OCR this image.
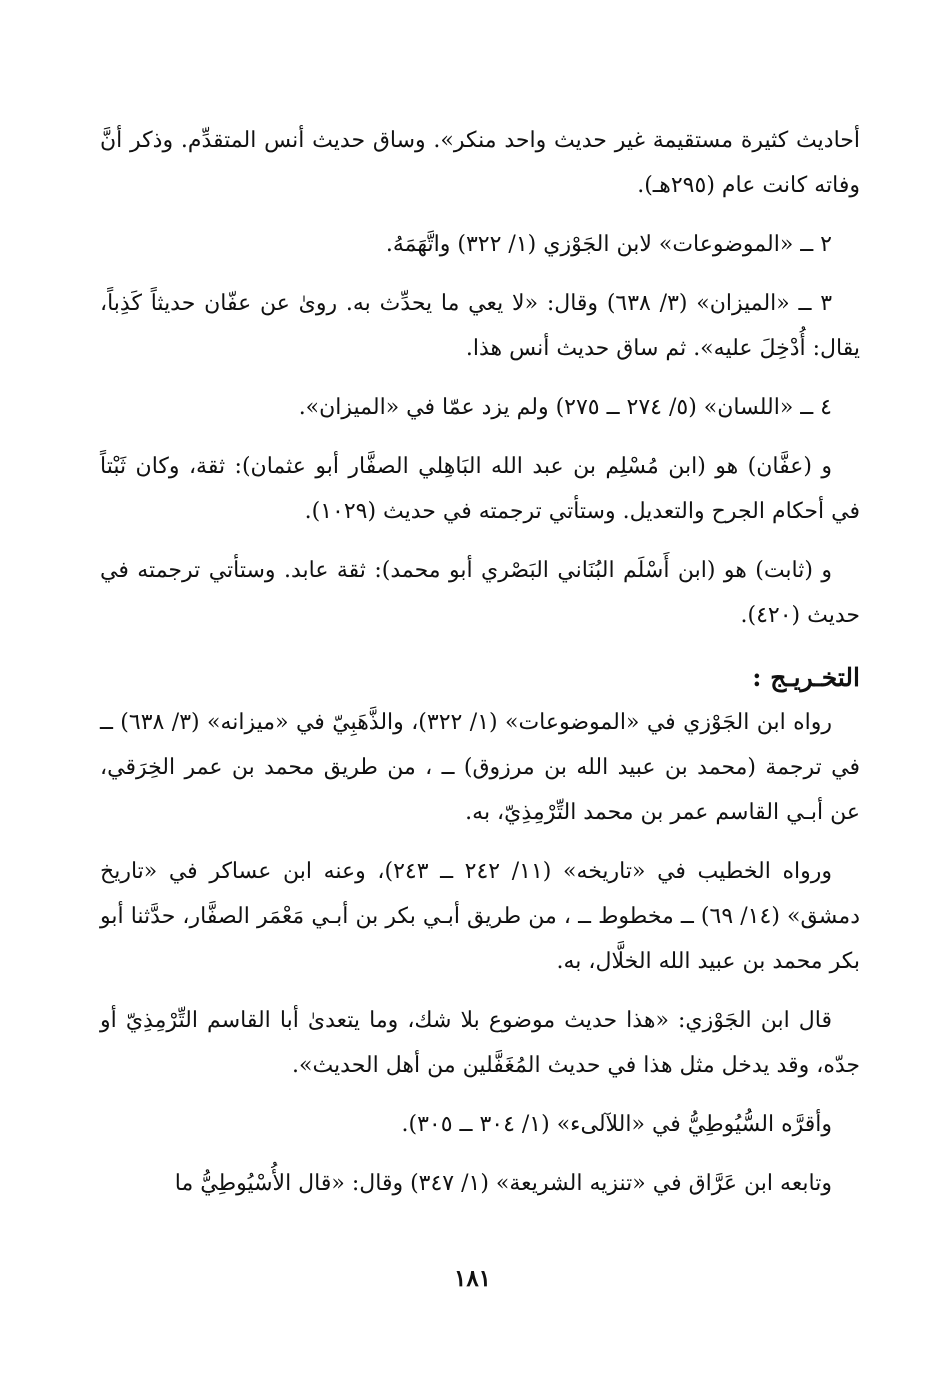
أحاديث كثيرة مستقيمة غير حديث واحد منكر». وساق حديث أنس المتقدِّم. وذكر أنَّ وفاته كانت عام (٢٩٥هـ).

٢ ــ «الموضوعات» لابن الجَوْزي (١/ ٣٢٢) واتَّهَمَهُ.

٣ ــ «الميزان» (٣/ ٦٣٨) وقال: «لا يعي ما يحدِّث به. روىٰ عن عفّان حديثاً كَذِباً، يقال: أُدْخِلَ عليه». ثم ساق حديث أنس هذا.

٤ ــ «اللسان» (٥/ ٢٧٤ ــ ٢٧٥) ولم يزد عمّا في «الميزان».

و (عفَّان) هو (ابن مُسْلِم بن عبد الله البَاهِلي الصفَّار أبو عثمان): ثقة، وكان ثَبْتاً في أحكام الجرح والتعديل. وستأتي ترجمته في حديث (١٠٢٩).

و (ثابت) هو (ابن أَسْلَم البُنَاني البَصْري أبو محمد): ثقة عابد. وستأتي ترجمته في حديث (٤٢٠).

التخـريـج :

رواه ابن الجَوْزي في «الموضوعات» (١/ ٣٢٢)، والذَّهَبِيّ في «ميزانه» (٣/ ٦٣٨) ــ في ترجمة (محمد بن عبيد الله بن مرزوق) ــ ، من طريق محمد بن عمر الخِرَقي، عن أبـي القاسم عمر بن محمد التِّرْمِذِيّ، به.

ورواه الخطيب في «تاريخه» (١١/ ٢٤٢ ــ ٢٤٣)، وعنه ابن عساكر في «تاريخ دمشق» (١٤/ ٦٩) ــ مخطوط ــ ، من طريق أبـي بكر بن أبـي مَعْمَر الصفَّار، حدَّثنا أبو بكر محمد بن عبيد الله الخلَّال، به.

قال ابن الجَوْزي: «هذا حديث موضوع بلا شك، وما يتعدىٰ أبا القاسم التِّرْمِذِيّ أو جدّه، وقد يدخل مثل هذا في حديث المُغَفَّلين من أهل الحديث».

وأقرَّه السُّيُوطِيُّ في «اللآلىء» (١/ ٣٠٤ ــ ٣٠٥).

وتابعه ابن عَرَّاق في «تنزيه الشريعة» (١/ ٣٤٧) وقال: «قال الأُسْيُوطِيُّ ما

١٨١
